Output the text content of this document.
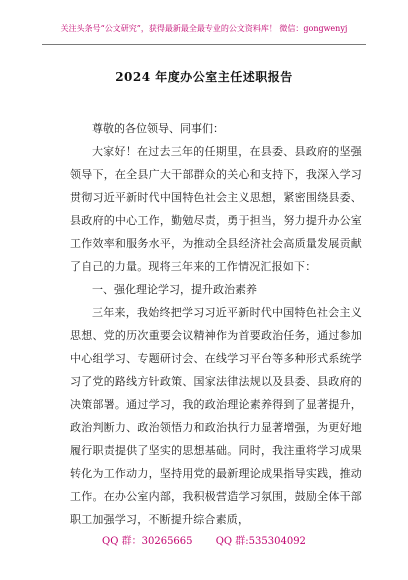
关注头条号“公文研究”，获得最新最全最专业的公文资料库！ 微信：gongwenyj
2024 年度办公室主任述职报告

尊敬的各位领导、同事们：

大家好！在过去三年的任期里，在县委、县政府的坚强领导下，在全县广大干部群众的关心和支持下，我深入学习贯彻习近平新时代中国特色社会主义思想，紧密围绕县委、县政府的中心工作，勤勉尽责，勇于担当，努力提升办公室工作效率和服务水平，为推动全县经济社会高质量发展贡献了自己的力量。现将三年来的工作情况汇报如下：

一、强化理论学习，提升政治素养

三年来，我始终把学习习近平新时代中国特色社会主义思想、党的历次重要会议精神作为首要政治任务，通过参加中心组学习、专题研讨会、在线学习平台等多种形式系统学习了党的路线方针政策、国家法律法规以及县委、县政府的决策部署。通过学习，我的政治理论素养得到了显著提升，政治判断力、政治领悟力和政治执行力显著增强，为更好地履行职责提供了坚实的思想基础。同时，我注重将学习成果转化为工作动力，坚持用党的最新理论成果指导实践，推动工作。在办公室内部，我积极营造学习氛围，鼓励全体干部职工加强学习，不断提升综合素质，

QQ 群：30265665 QQ 群:535304092
